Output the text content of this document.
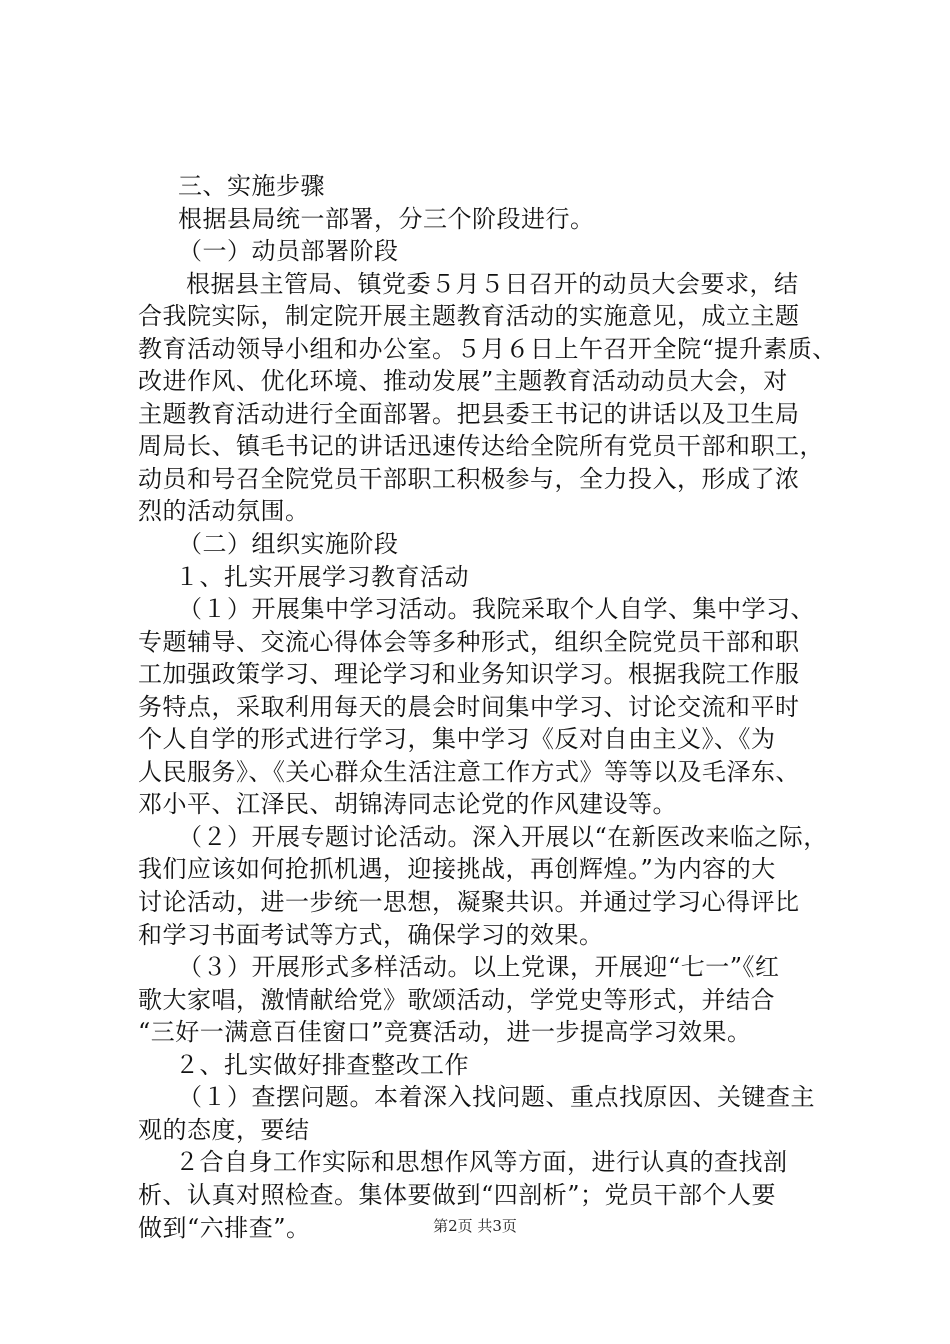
三、实施步骤
根据县局统一部署，分三个阶段进行。
（一）动员部署阶段
根据县主管局、镇党委５月５日召开的动员大会要求，结
合我院实际，制定院开展主题教育活动的实施意见，成立主题
教育活动领导小组和办公室。５月６日上午召开全院“提升素质、
改进作风、优化环境、推动发展”主题教育活动动员大会，对
主题教育活动进行全面部署。把县委王书记的讲话以及卫生局
周局长、镇毛书记的讲话迅速传达给全院所有党员干部和职工，
动员和号召全院党员干部职工积极参与，全力投入，形成了浓
烈的活动氛围。
（二）组织实施阶段
１、扎实开展学习教育活动
（１）开展集中学习活动。我院采取个人自学、集中学习、
专题辅导、交流心得体会等多种形式，组织全院党员干部和职
工加强政策学习、理论学习和业务知识学习。根据我院工作服
务特点，采取利用每天的晨会时间集中学习、讨论交流和平时
个人自学的形式进行学习，集中学习《反对自由主义》、《为
人民服务》、《关心群众生活注意工作方式》等等以及毛泽东、
邓小平、江泽民、胡锦涛同志论党的作风建设等。
（２）开展专题讨论活动。深入开展以“在新医改来临之际，
我们应该如何抢抓机遇，迎接挑战，再创辉煌。”为内容的大
讨论活动，进一步统一思想，凝聚共识。并通过学习心得评比
和学习书面考试等方式，确保学习的效果。
（３）开展形式多样活动。以上党课，开展迎“七一”《红
歌大家唱，激情献给党》歌颂活动，学党史等形式，并结合
“三好一满意百佳窗口”竞赛活动，进一步提高学习效果。
２、扎实做好排查整改工作
（１）查摆问题。本着深入找问题、重点找原因、关键查主
观的态度，要结
２合自身工作实际和思想作风等方面，进行认真的查找剖
析、认真对照检查。集体要做到“四剖析”；党员干部个人要
做到“六排查”。	第2页 共3页
